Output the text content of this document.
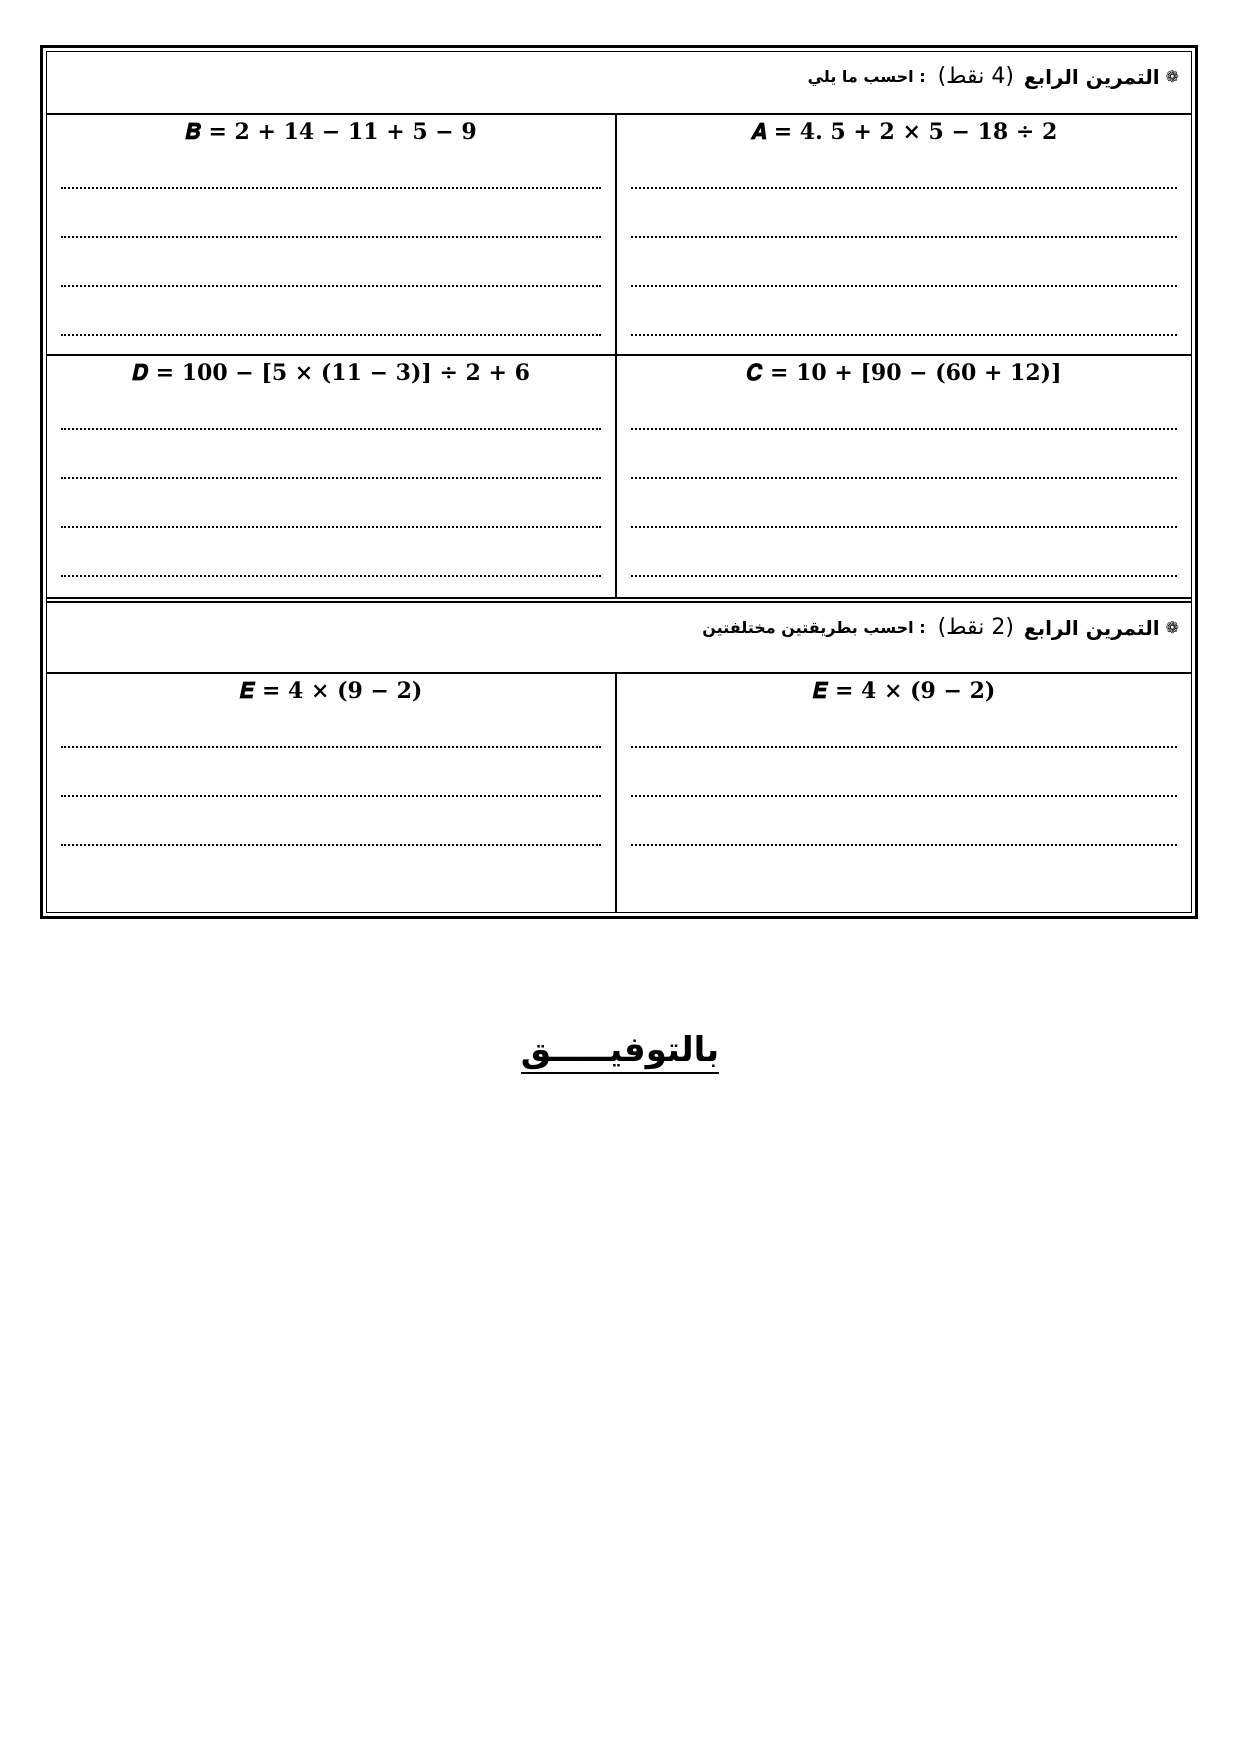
❁
التمرين الرابع
(4 نقط)
: احسب ما يلي
𝑨 = 4. 5 + 2 × 5 − 18 ÷ 2
𝑩 = 2 + 14 − 11 + 5 − 9
𝑪 = 10 + [90 − (60 + 12)]
𝑫 = 100 − [5 × (11 − 3)] ÷ 2 + 6
❁
التمرين الرابع
(2 نقط)
: احسب بطريقتين مختلفتين
𝑬 = 4 × (9 − 2)
𝑬 = 4 × (9 − 2)
بالتوفيـــــق
